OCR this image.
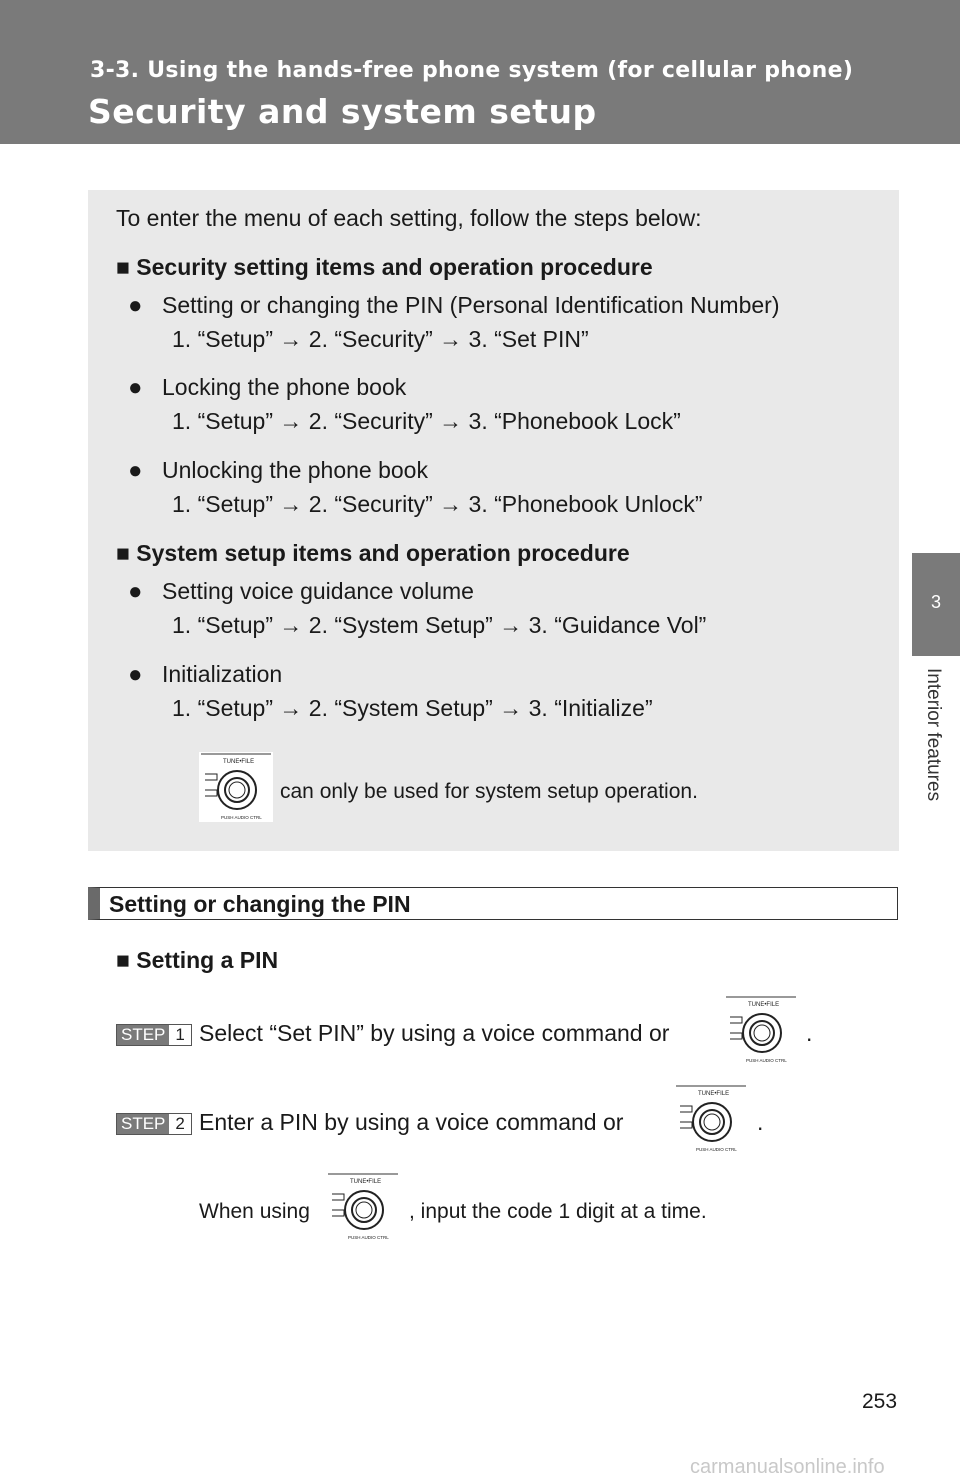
3-3. Using the hands-free phone system (for cellular phone)
Security and system setup
3
Interior features
To enter the menu of each setting, follow the steps below:
■ Security setting items and operation procedure
● Setting or changing the PIN (Personal Identification Number)
1. “Setup” → 2. “Security” → 3. “Set PIN”
● Locking the phone book
1. “Setup” → 2. “Security” → 3. “Phonebook Lock”
● Unlocking the phone book
1. “Setup” → 2. “Security” → 3. “Phonebook Unlock”
■ System setup items and operation procedure
● Setting voice guidance volume
1. “Setup” → 2. “System Setup” → 3. “Guidance Vol”
● Initialization
1. “Setup” → 2. “System Setup” → 3. “Initialize”
TUNE•FILE
PUSH AUDIO CTRL
can only be used for system setup operation.
Setting or changing the PIN
■ Setting a PIN
STEP 1 Select “Set PIN” by using a voice command or
TUNE•FILE
PUSH AUDIO CTRL
.
STEP 2 Enter a PIN by using a voice command or
TUNE•FILE
PUSH AUDIO CTRL
.
When using
TUNE•FILE
PUSH AUDIO CTRL
, input the code 1 digit at a time.
253
carmanualsonline.info
